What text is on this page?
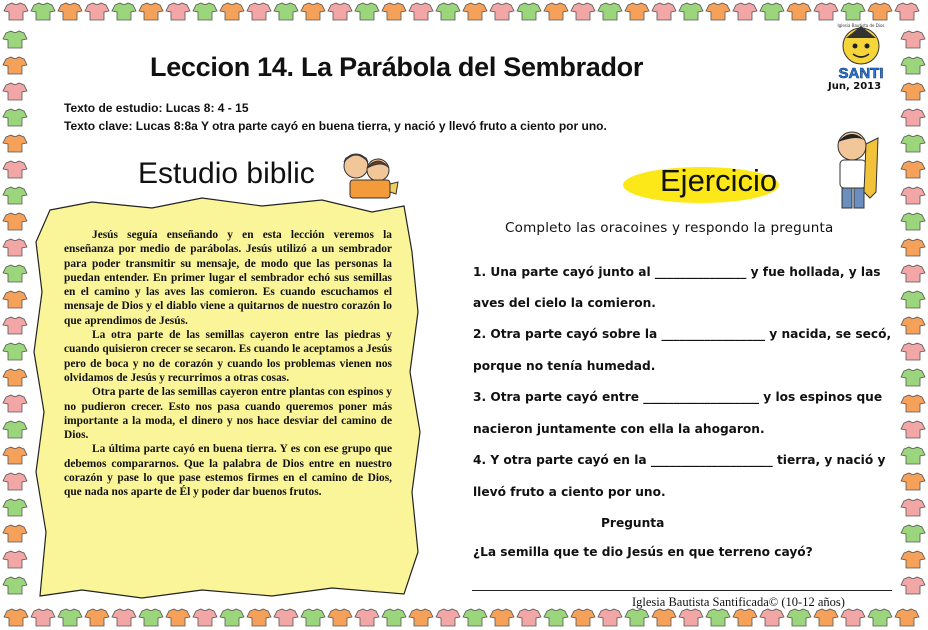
Leccion 14. La Parábola del Sembrador
Texto de estudio: Lucas 8: 4 - 15
Texto clave: Lucas 8:8a Y otra parte cayó en buena tierra, y nació y llevó fruto a ciento por uno.
SANTI
Iglesia Bautista de Dios
Jun, 2013
Estudio biblic

Jesús seguía enseñando y en esta lección veremos la enseñanza por medio de parábolas. Jesús utilizó a un sembrador para poder transmitir su mensaje, de modo que las personas la puedan entender. En primer lugar el sembrador echó sus semillas en el camino y las aves las comieron. Es cuando escuchamos el mensaje de Dios y el diablo viene a quitarnos de nuestro corazón lo que aprendimos de Jesús.

La otra parte de las semillas cayeron entre las piedras y cuando quisieron crecer se secaron. Es cuando le aceptamos a Jesús pero de boca y no de corazón y cuando los problemas vienen nos olvidamos de Jesús y recurrimos a otras cosas.

Otra parte de las semillas cayeron entre plantas con espinos y no pudieron crecer. Esto nos pasa cuando queremos poner más importante a la moda, el dinero y nos hace desviar del camino de Dios.

La última parte cayó en buena tierra. Y es con ese grupo que debemos compararnos. Que la palabra de Dios entre en nuestro corazón y pase lo que pase estemos firmes en el camino de Dios, que nada nos aparte de Él y poder dar buenos frutos.

Ejercicio
Completo las oracoines y respondo la pregunta
1. Una parte cayó junto al _______________ y fue hollada, y las
aves del cielo la comieron.
2. Otra parte cayó sobre la _________________ y nacida, se secó,
porque no tenía humedad.
3. Otra parte cayó entre ___________________ y los espinos que
nacieron juntamente con ella la ahogaron.
4. Y otra parte cayó en la ____________________ tierra, y nació y
llevó fruto a ciento por uno.
Pregunta
¿La semilla que te dio Jesús en que terreno cayó?
Iglesia Bautista Santificada© (10-12 años)
